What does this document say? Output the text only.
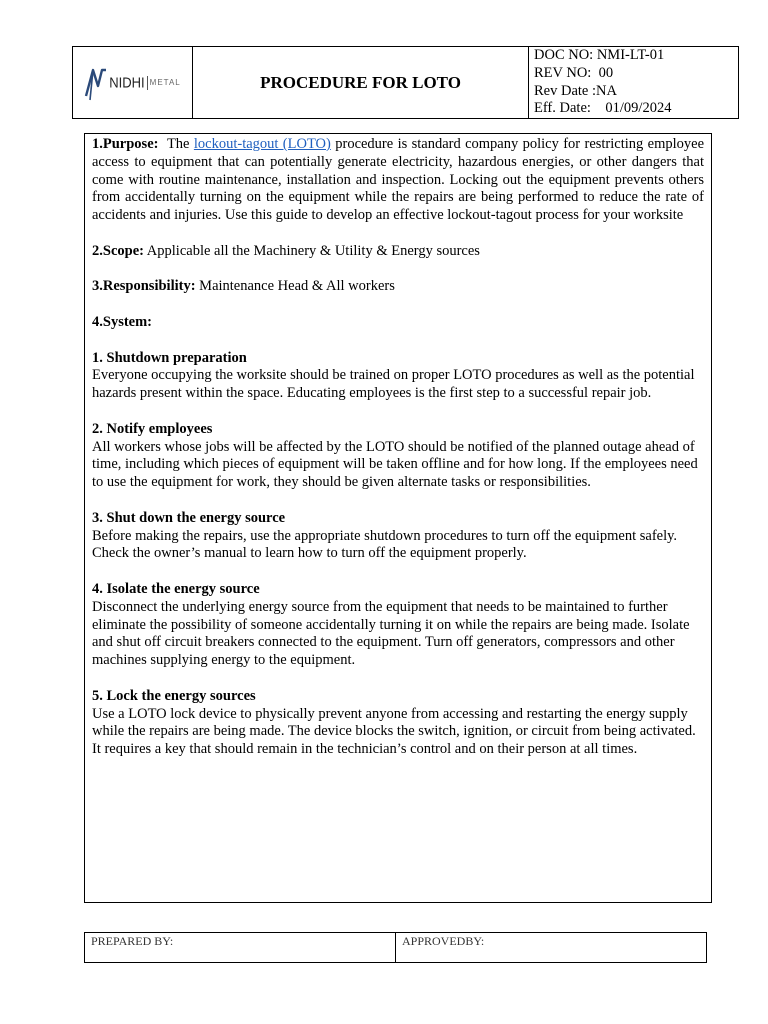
NIDHI METAL	PROCEDURE FOR LOTO
DOC NO: NMI-LT-01
REV NO:  00
Rev Date :NA
Eff. Date:    01/09/2024

1.Purpose: The lockout-tagout (LOTO) procedure is standard company policy for restricting employee access to equipment that can potentially generate electricity, hazardous energies, or other dangers that come with routine maintenance, installation and inspection. Locking out the equipment prevents others from accidentally turning on the equipment while the repairs are being performed to reduce the rate of accidents and injuries. Use this guide to develop an effective lockout-tagout process for your worksite

2.Scope: Applicable all the Machinery & Utility & Energy sources

3.Responsibility: Maintenance Head & All workers

4.System:

1. Shutdown preparation

Everyone occupying the worksite should be trained on proper LOTO procedures as well as the potential hazards present within the space. Educating employees is the first step to a successful repair job.

2. Notify employees

All workers whose jobs will be affected by the LOTO should be notified of the planned outage ahead of time, including which pieces of equipment will be taken offline and for how long. If the employees need to use the equipment for work, they should be given alternate tasks or responsibilities.

3. Shut down the energy source

Before making the repairs, use the appropriate shutdown procedures to turn off the equipment safely. Check the owner’s manual to learn how to turn off the equipment properly.

4. Isolate the energy source

Disconnect the underlying energy source from the equipment that needs to be maintained to further eliminate the possibility of someone accidentally turning it on while the repairs are being made. Isolate and shut off circuit breakers connected to the equipment. Turn off generators, compressors and other machines supplying energy to the equipment.

5. Lock the energy sources

Use a LOTO lock device to physically prevent anyone from accessing and restarting the energy supply while the repairs are being made. The device blocks the switch, ignition, or circuit from being activated. It requires a key that should remain in the technician’s control and on their person at all times.

PREPARED BY:	APPROVEDBY:
